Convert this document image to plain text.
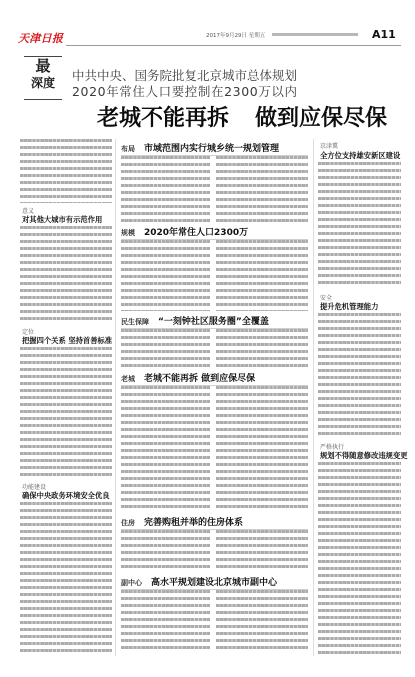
天津日报	2017年9月29日 星期五	A11
最
深度	中共中央、国务院批复北京城市总体规划
2020年常住人口要控制在2300万以内
老城不能再拆 做到应保尽保
意义
对其他大城市有示范作用
定位
把握四个关系 坚持首善标准
功能建设
确保中央政务环境安全优良
布局 市域范围内实行城乡统一规划管理
规模 2020年常住人口2300万
民生保障 “一刻钟社区服务圈”全覆盖
老城 老城不能再拆 做到应保尽保
住房 完善购租并举的住房体系
副中心 高水平规划建设北京城市副中心
京津冀
全方位支持雄安新区建设
安全
提升危机管理能力
严格执行
规划不得随意修改违规变更
